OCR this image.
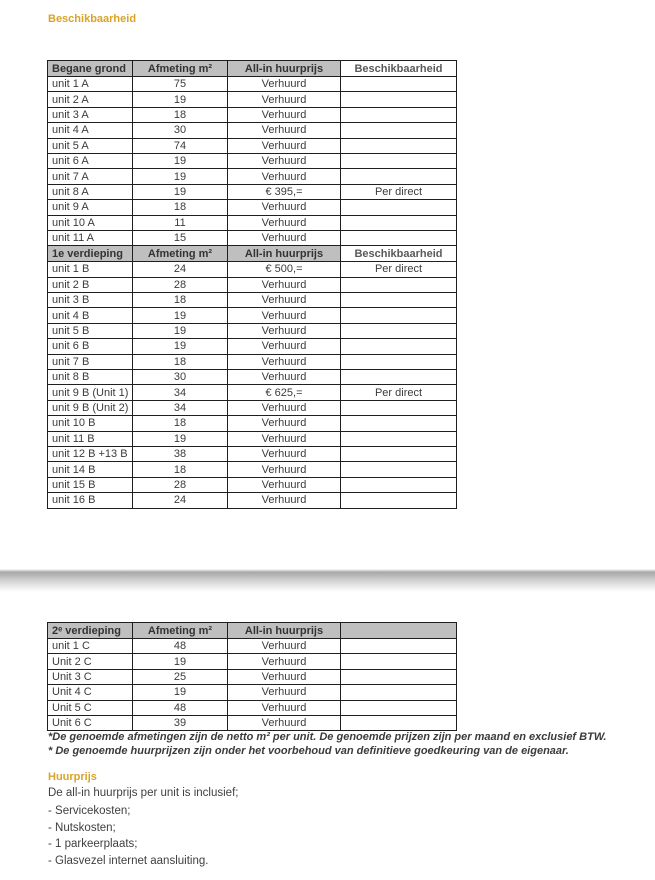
Beschikbaarheid
Begane grond	Afmeting m²	All-in huurprijs	Beschikbaarheid
unit 1 A	75	Verhuurd	
unit 2 A	19	Verhuurd	
unit 3 A	18	Verhuurd	
unit 4 A	30	Verhuurd	
unit 5 A	74	Verhuurd	
unit 6 A	19	Verhuurd	
unit 7 A	19	Verhuurd	
unit 8 A	19	€ 395,=	Per direct
unit 9 A	18	Verhuurd	
unit 10 A	11	Verhuurd	
unit 11 A	15	Verhuurd	
1e verdieping	Afmeting m²	All-in huurprijs	Beschikbaarheid
unit 1 B	24	€ 500,=	Per direct
unit 2 B	28	Verhuurd	
unit 3 B	18	Verhuurd	
unit 4 B	19	Verhuurd	
unit 5 B	19	Verhuurd	
unit 6 B	19	Verhuurd	
unit 7 B	18	Verhuurd	
unit 8 B	30	Verhuurd	
unit 9 B (Unit 1)	34	€ 625,=	Per direct
unit 9 B (Unit 2)	34	Verhuurd	
unit 10 B	18	Verhuurd	
unit 11 B	19	Verhuurd	
unit 12 B +13 B	38	Verhuurd	
unit 14 B	18	Verhuurd	
unit 15 B	28	Verhuurd	
unit 16 B	24	Verhuurd	
2ᵉ verdieping	Afmeting m²	All-in huurprijs	
unit 1 C	48	Verhuurd	
Unit 2 C	19	Verhuurd	
Unit 3 C	25	Verhuurd	
Unit 4 C	19	Verhuurd	
Unit 5 C	48	Verhuurd	
Unit 6 C	39	Verhuurd	
*De genoemde afmetingen zijn de netto m² per unit. De genoemde prijzen zijn per maand en exclusief BTW.
* De genoemde huurprijzen zijn onder het voorbehoud van definitieve goedkeuring van de eigenaar.
Huurprijs
De all-in huurprijs per unit is inclusief;
- Servicekosten;
- Nutskosten;
- 1 parkeerplaats;
- Glasvezel internet aansluiting.
